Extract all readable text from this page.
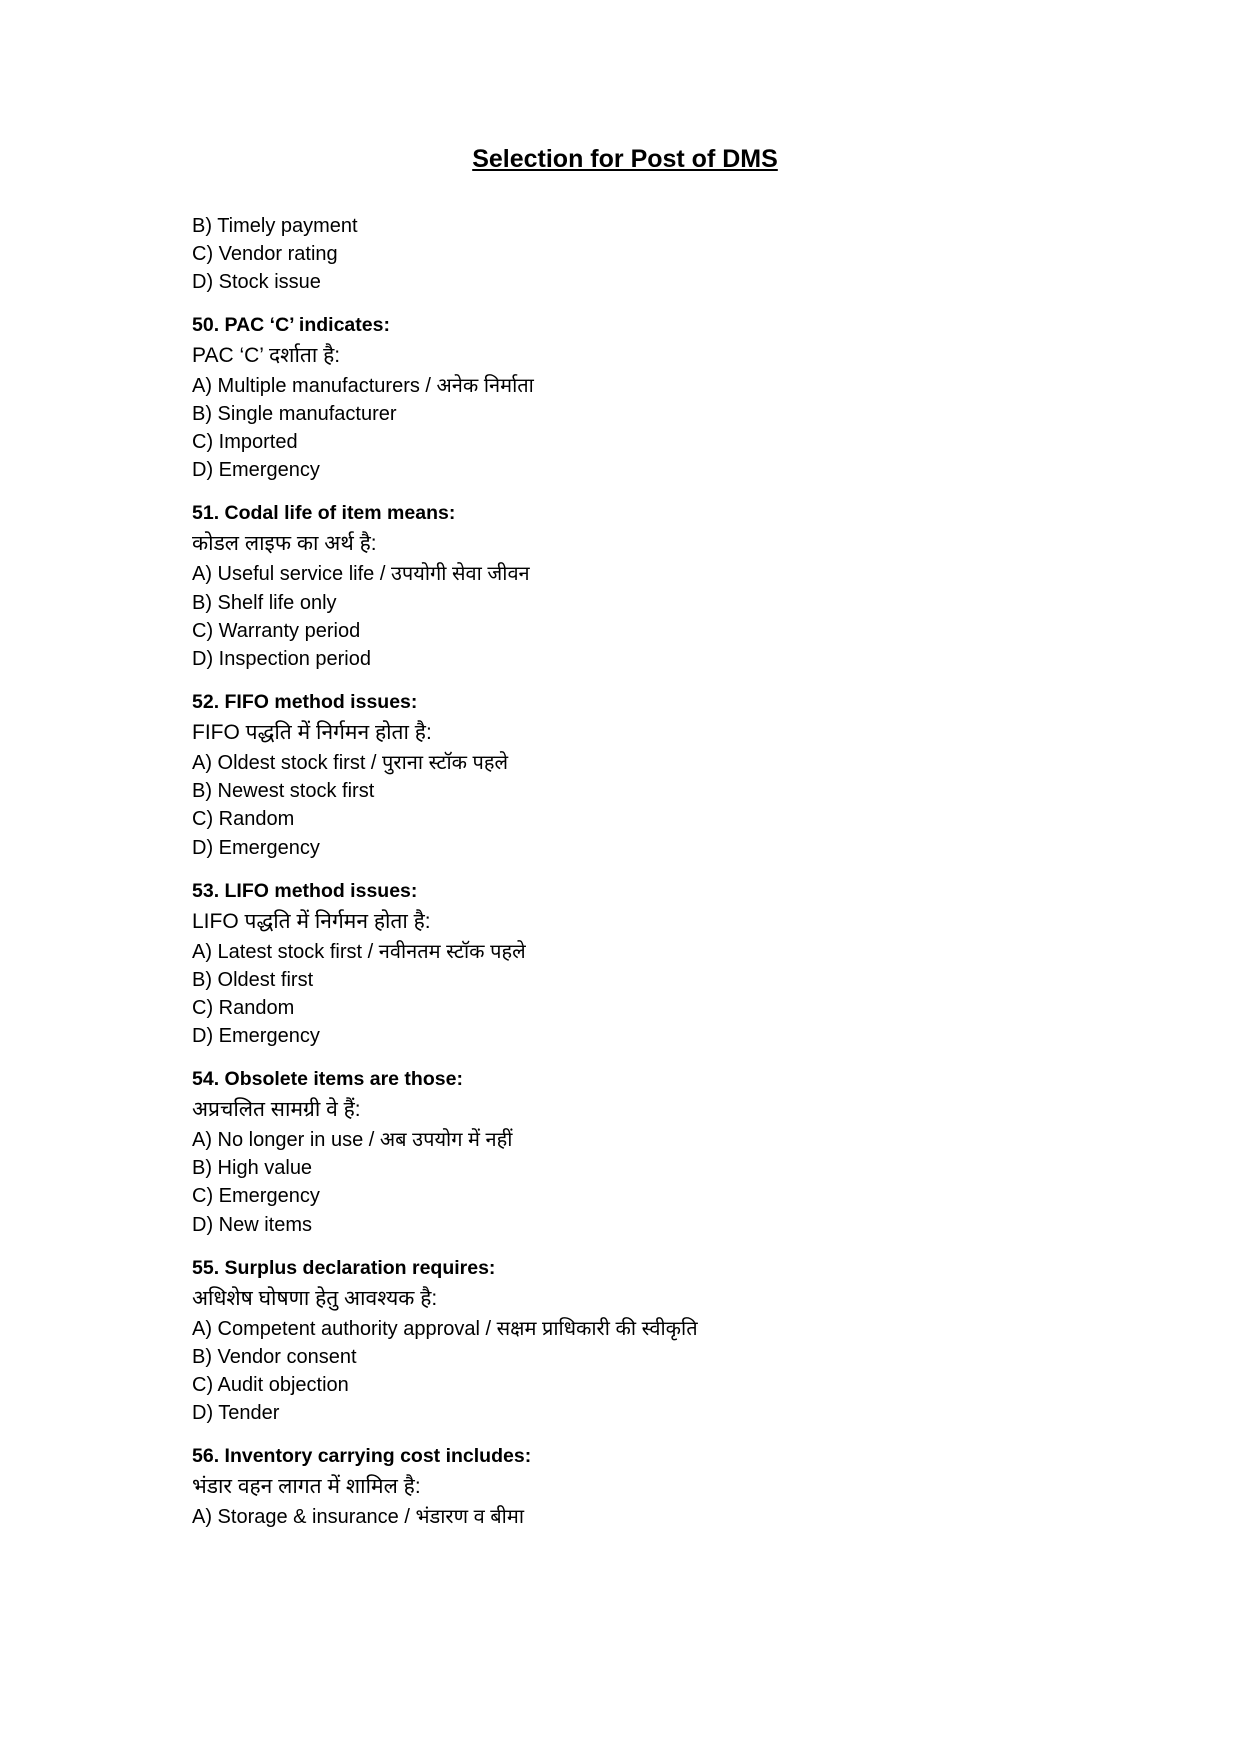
Selection for Post of DMS
B) Timely payment
C) Vendor rating
D) Stock issue
50. PAC ‘C’ indicates:
PAC ‘C’ दर्शाता है:
A) Multiple manufacturers / अनेक निर्माता
B) Single manufacturer
C) Imported
D) Emergency
51. Codal life of item means:
कोडल लाइफ का अर्थ है:
A) Useful service life / उपयोगी सेवा जीवन
B) Shelf life only
C) Warranty period
D) Inspection period
52. FIFO method issues:
FIFO पद्धति में निर्गमन होता है:
A) Oldest stock first / पुराना स्टॉक पहले
B) Newest stock first
C) Random
D) Emergency
53. LIFO method issues:
LIFO पद्धति में निर्गमन होता है:
A) Latest stock first / नवीनतम स्टॉक पहले
B) Oldest first
C) Random
D) Emergency
54. Obsolete items are those:
अप्रचलित सामग्री वे हैं:
A) No longer in use / अब उपयोग में नहीं
B) High value
C) Emergency
D) New items
55. Surplus declaration requires:
अधिशेष घोषणा हेतु आवश्यक है:
A) Competent authority approval / सक्षम प्राधिकारी की स्वीकृति
B) Vendor consent
C) Audit objection
D) Tender
56. Inventory carrying cost includes:
भंडार वहन लागत में शामिल है:
A) Storage & insurance / भंडारण व बीमा
